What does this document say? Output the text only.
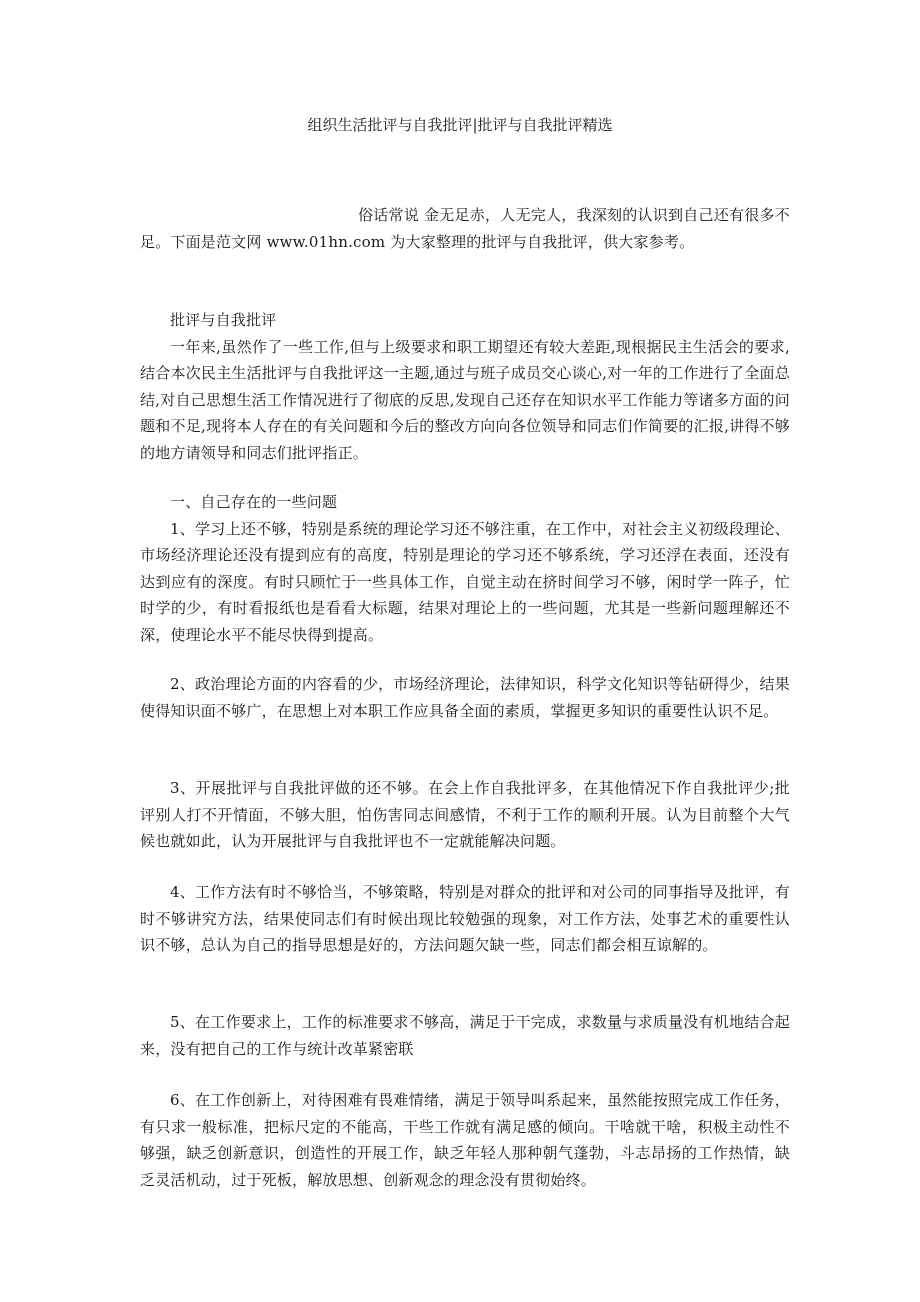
组织生活批评与自我批评|批评与自我批评精选

俗话常说 金无足赤，人无完人，我深刻的认识到自己还有很多不足。下面是范文网 www.01hn.com 为大家整理的批评与自我批评，供大家参考。

批评与自我批评

一年来,虽然作了一些工作,但与上级要求和职工期望还有较大差距,现根据民主生活会的要求,结合本次民主生活批评与自我批评这一主题,通过与班子成员交心谈心,对一年的工作进行了全面总结,对自己思想生活工作情况进行了彻底的反思,发现自己还存在知识水平工作能力等诸多方面的问题和不足,现将本人存在的有关问题和今后的整改方向向各位领导和同志们作简要的汇报,讲得不够的地方请领导和同志们批评指正。

一、自己存在的一些问题

1、学习上还不够，特别是系统的理论学习还不够注重，在工作中，对社会主义初级段理论、市场经济理论还没有提到应有的高度，特别是理论的学习还不够系统，学习还浮在表面，还没有达到应有的深度。有时只顾忙于一些具体工作，自觉主动在挤时间学习不够，闲时学一阵子，忙时学的少，有时看报纸也是看看大标题，结果对理论上的一些问题，尤其是一些新问题理解还不深，使理论水平不能尽快得到提高。

2、政治理论方面的内容看的少，市场经济理论，法律知识，科学文化知识等钻研得少，结果使得知识面不够广，在思想上对本职工作应具备全面的素质，掌握更多知识的重要性认识不足。

3、开展批评与自我批评做的还不够。在会上作自我批评多，在其他情况下作自我批评少;批评别人打不开情面，不够大胆，怕伤害同志间感情，不利于工作的顺利开展。认为目前整个大气候也就如此，认为开展批评与自我批评也不一定就能解决问题。

4、工作方法有时不够恰当，不够策略，特别是对群众的批评和对公司的同事指导及批评，有时不够讲究方法，结果使同志们有时候出现比较勉强的现象，对工作方法，处事艺术的重要性认识不够，总认为自己的指导思想是好的，方法问题欠缺一些，同志们都会相互谅解的。

5、在工作要求上，工作的标准要求不够高，满足于干完成，求数量与求质量没有机地结合起来，没有把自己的工作与统计改革紧密联

6、在工作创新上，对待困难有畏难情绪，满足于领导叫系起来，虽然能按照完成工作任务，有只求一般标准，把标尺定的不能高，干些工作就有满足感的倾向。干啥就干啥，积极主动性不够强，缺乏创新意识，创造性的开展工作，缺乏年轻人那种朝气蓬勃，斗志昂扬的工作热情，缺乏灵活机动，过于死板，解放思想、创新观念的理念没有贯彻始终。
